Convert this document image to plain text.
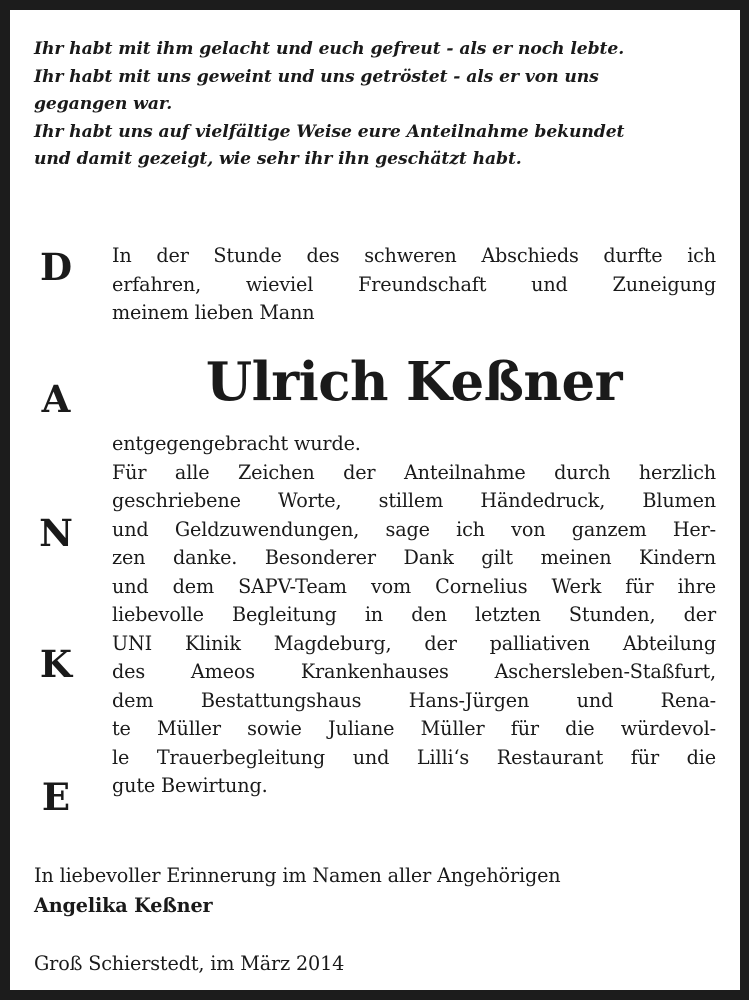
Ihr habt mit ihm gelacht und euch gefreut - als er noch lebte.
Ihr habt mit uns geweint und uns getröstet - als er von uns
gegangen war.
Ihr habt uns auf vielfältige Weise eure Anteilnahme bekundet
und damit gezeigt, wie sehr ihr ihn geschätzt habt.
D
A
N
K
E
In der Stunde des schweren Abschieds durfte ich
erfahren, wieviel Freundschaft und Zuneigung
meinem lieben Mann
Ulrich Keßner
entgegengebracht wurde.
Für alle Zeichen der Anteilnahme durch herzlich
geschriebene Worte, stillem Händedruck, Blumen
und Geldzuwendungen, sage ich von ganzem Her-
zen danke. Besonderer Dank gilt meinen Kindern
und dem SAPV-Team vom Cornelius Werk für ihre
liebevolle Begleitung in den letzten Stunden, der
UNI Klinik Magdeburg, der palliativen Abteilung
des Ameos Krankenhauses Aschersleben-Staßfurt,
dem Bestattungshaus Hans-Jürgen und Rena-
te Müller sowie Juliane Müller für die würdevol-
le Trauerbegleitung und Lilli‘s Restaurant für die
gute Bewirtung.
In liebevoller Erinnerung im Namen aller Angehörigen
Angelika Keßner
Groß Schierstedt, im März 2014
